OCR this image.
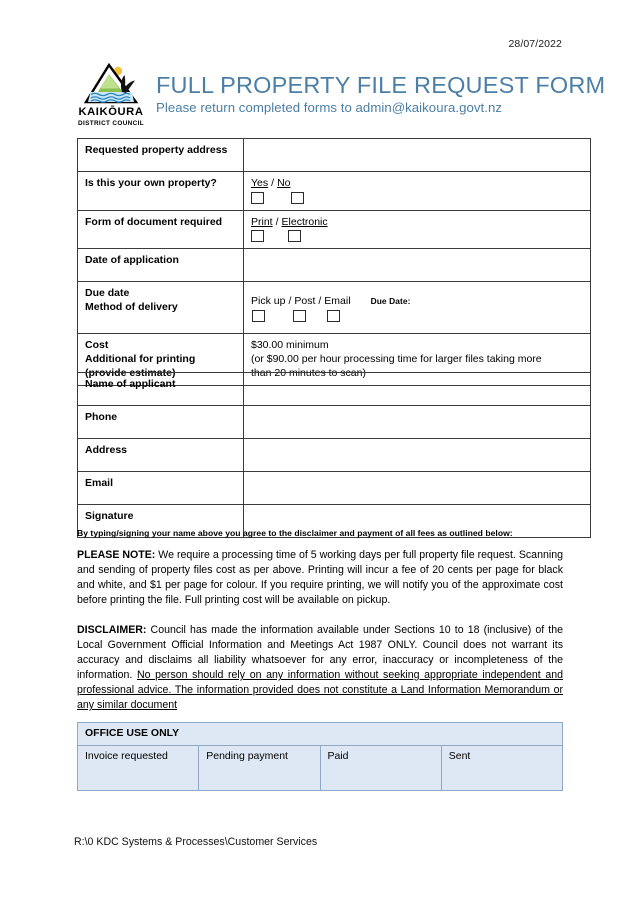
28/07/2022
KAIKŌURA
DISTRICT COUNCIL
FULL PROPERTY FILE REQUEST FORM
Please return completed forms to admin@kaikoura.govt.nz
Requested property address	
Is this your own property?	Yes / No

Form of document required	Print / Electronic

Date of application	

Due date
Method of delivery	Pick up / Post / Email Due Date:

Cost
Additional for printing
(provide estimate)

$30.00 minimum
(or $90.00 per hour processing time for larger files taking more
than 20 minutes to scan)
Name of applicant	
Phone	
Address	
Email	
Signature	
By typing/signing your name above you agree to the disclaimer and payment of all fees as outlined below:
PLEASE NOTE: We require a processing time of 5 working days per full property file request. Scanning and sending of property files cost as per above. Printing will incur a fee of 20 cents per page for black and white, and $1 per page for colour. If you require printing, we will notify you of the approximate cost before printing the file. Full printing cost will be available on pickup.
DISCLAIMER: Council has made the information available under Sections 10 to 18 (inclusive) of the Local Government Official Information and Meetings Act 1987 ONLY. Council does not warrant its accuracy and disclaims all liability whatsoever for any error, inaccuracy or incompleteness of the information. No person should rely on any information without seeking appropriate independent and professional advice. The information provided does not constitute a Land Information Memorandum or any similar document
OFFICE USE ONLY
Invoice requested	Pending payment	Paid	Sent
R:\0 KDC Systems & Processes\Customer Services
